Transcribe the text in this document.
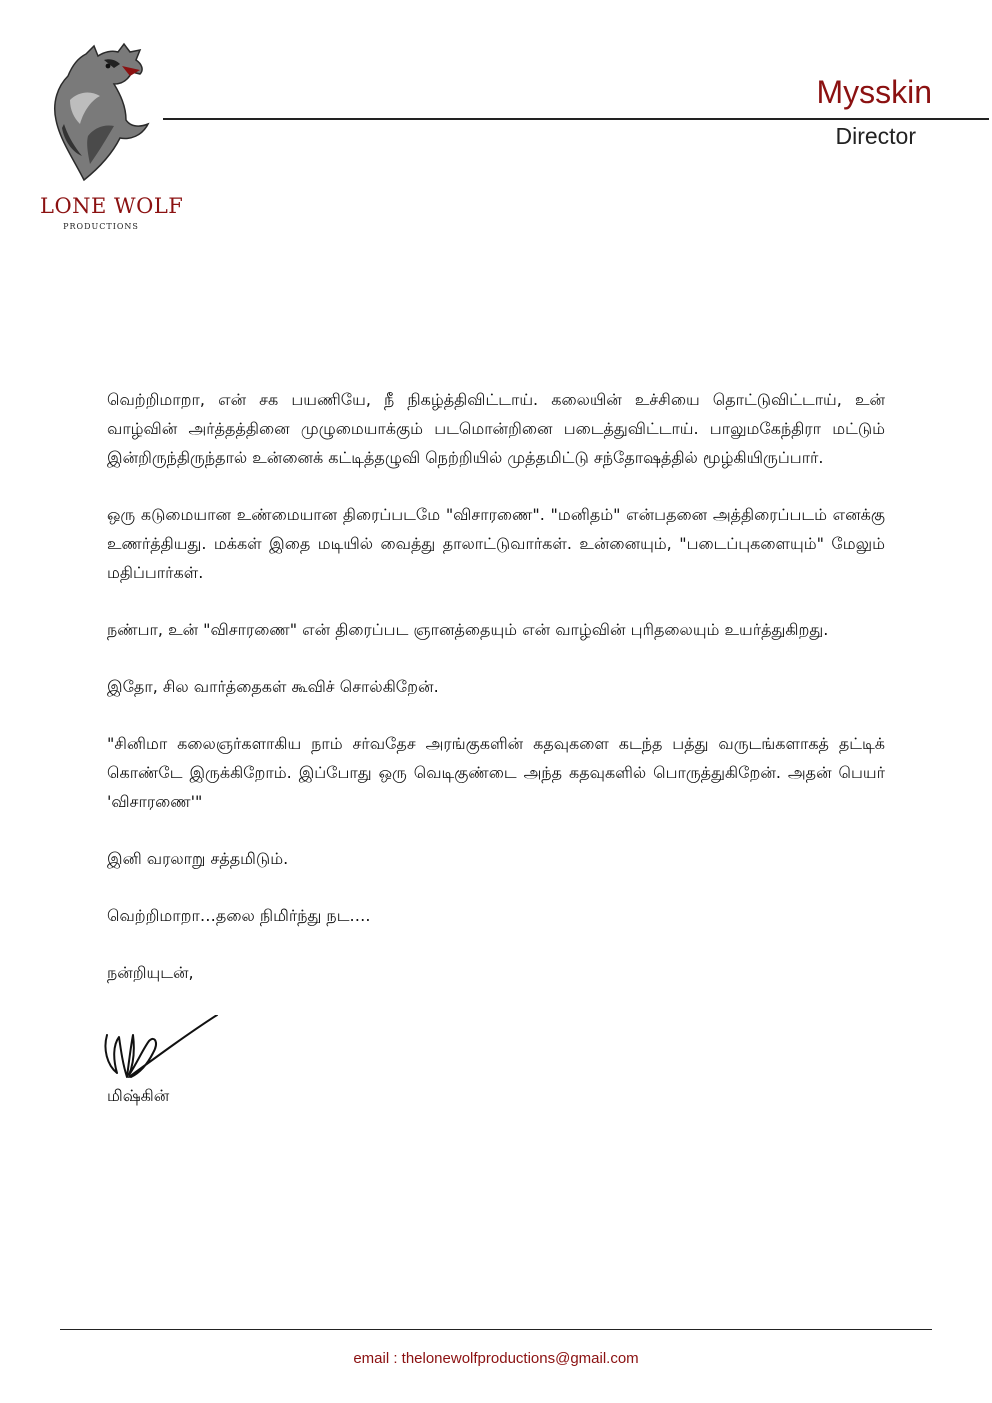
LONE WOLF
PRODUCTIONS
Mysskin
Director

வெற்றிமாறா, என் சக பயணியே, நீ நிகழ்த்திவிட்டாய். கலையின் உச்சியை தொட்டுவிட்டாய், உன் வாழ்வின் அர்த்தத்தினை முழுமையாக்கும் படமொன்றினை படைத்துவிட்டாய். பாலுமகேந்திரா மட்டும் இன்றிருந்திருந்தால் உன்னைக் கட்டித்தழுவி நெற்றியில் முத்தமிட்டு சந்தோஷத்தில் மூழ்கியிருப்பார்.

ஒரு கடுமையான உண்மையான திரைப்படமே "விசாரணை". "மனிதம்" என்பதனை அத்திரைப்படம் எனக்கு உணர்த்தியது. மக்கள் இதை மடியில் வைத்து தாலாட்டுவார்கள். உன்னையும், "படைப்புகளையும்" மேலும் மதிப்பார்கள்.

நண்பா, உன் "விசாரணை" என் திரைப்பட ஞானத்தையும் என் வாழ்வின் புரிதலையும் உயர்த்துகிறது.

இதோ, சில வார்த்தைகள் கூவிச் சொல்கிறேன்.

"சினிமா கலைஞர்களாகிய நாம் சர்வதேச அரங்குகளின் கதவுகளை கடந்த பத்து வருடங்களாகத் தட்டிக் கொண்டே இருக்கிறோம். இப்போது ஒரு வெடிகுண்டை அந்த கதவுகளில் பொருத்துகிறேன். அதன் பெயர் 'விசாரணை'"

இனி வரலாறு சத்தமிடும்.

வெற்றிமாறா…தலை நிமிர்ந்து நட….

நன்றியுடன்,

மிஷ்கின்
email : thelonewolfproductions@gmail.com
